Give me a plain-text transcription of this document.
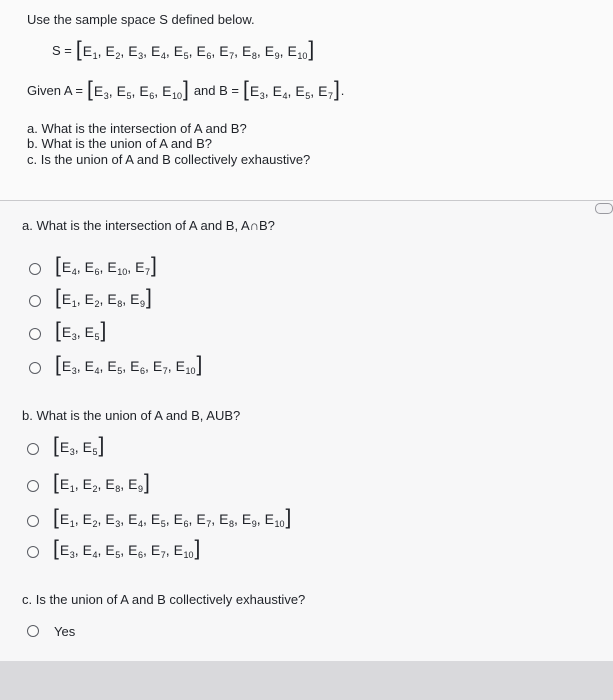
Use the sample space S defined below.
S = [ $E_1$ , $E_2$ , $E_3$ , $E_4$ , $E_5$ , $E_6$ , $E_7$ , $E_8$ , $E_9$ , $E_{10}$ ]
Given A = [ $E_3$ , $E_5$ , $E_6$ , $E_{10}$ ] and B = [ $E_3$ , $E_4$ , $E_5$ , $E_7$ ] .
a. What is the intersection of A and B?
b. What is the union of A and B?
c. Is the union of A and B collectively exhaustive?
a. What is the intersection of A and B, A∩B?
[ $E_4$ , $E_6$ , $E_{10}$ , $E_7$ ]
[ $E_1$ , $E_2$ , $E_8$ , $E_9$ ]
[ $E_3$ , $E_5$ ]
[ $E_3$ , $E_4$ , $E_5$ , $E_6$ , $E_7$ , $E_{10}$ ]
b. What is the union of A and B, AUB?
[ $E_3$ , $E_5$ ]
[ $E_1$ , $E_2$ , $E_8$ , $E_9$ ]
[ $E_1$ , $E_2$ , $E_3$ , $E_4$ , $E_5$ , $E_6$ , $E_7$ , $E_8$ , $E_9$ , $E_{10}$ ]
[ $E_3$ , $E_4$ , $E_5$ , $E_6$ , $E_7$ , $E_{10}$ ]
c. Is the union of A and B collectively exhaustive?
Yes
